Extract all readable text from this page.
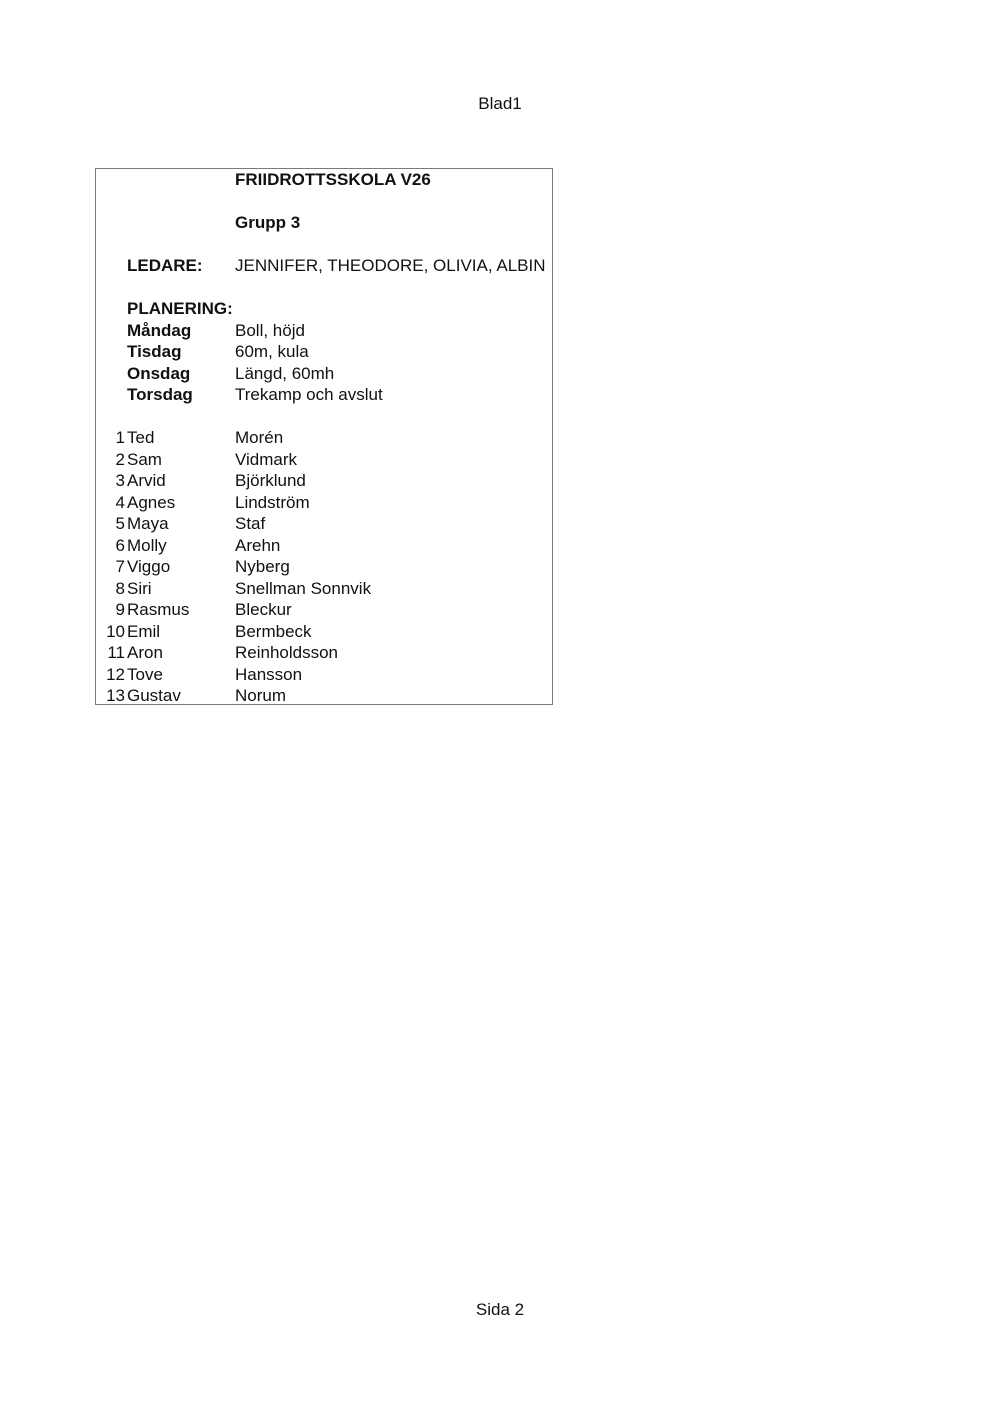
Blad1
FRIIDROTTSSKOLA V26
Grupp 3
LEDARE: JENNIFER, THEODORE, OLIVIA, ALBIN
PLANERING:
Måndag	Boll, höjd
Tisdag	60m, kula
Onsdag	Längd, 60mh
Torsdag Trekamp och avslut
1 Ted	Morén
2 Sam	Vidmark
3 Arvid	Björklund
4 Agnes	Lindström
5 Maya	Staf
6 Molly	Arehn
7 Viggo	Nyberg
8 Siri	Snellman Sonnvik
9 Rasmus	Bleckur
10 Emil	Bermbeck
11 Aron	Reinholdsson
12 Tove	Hansson
13 Gustav	Norum
Sida 2
